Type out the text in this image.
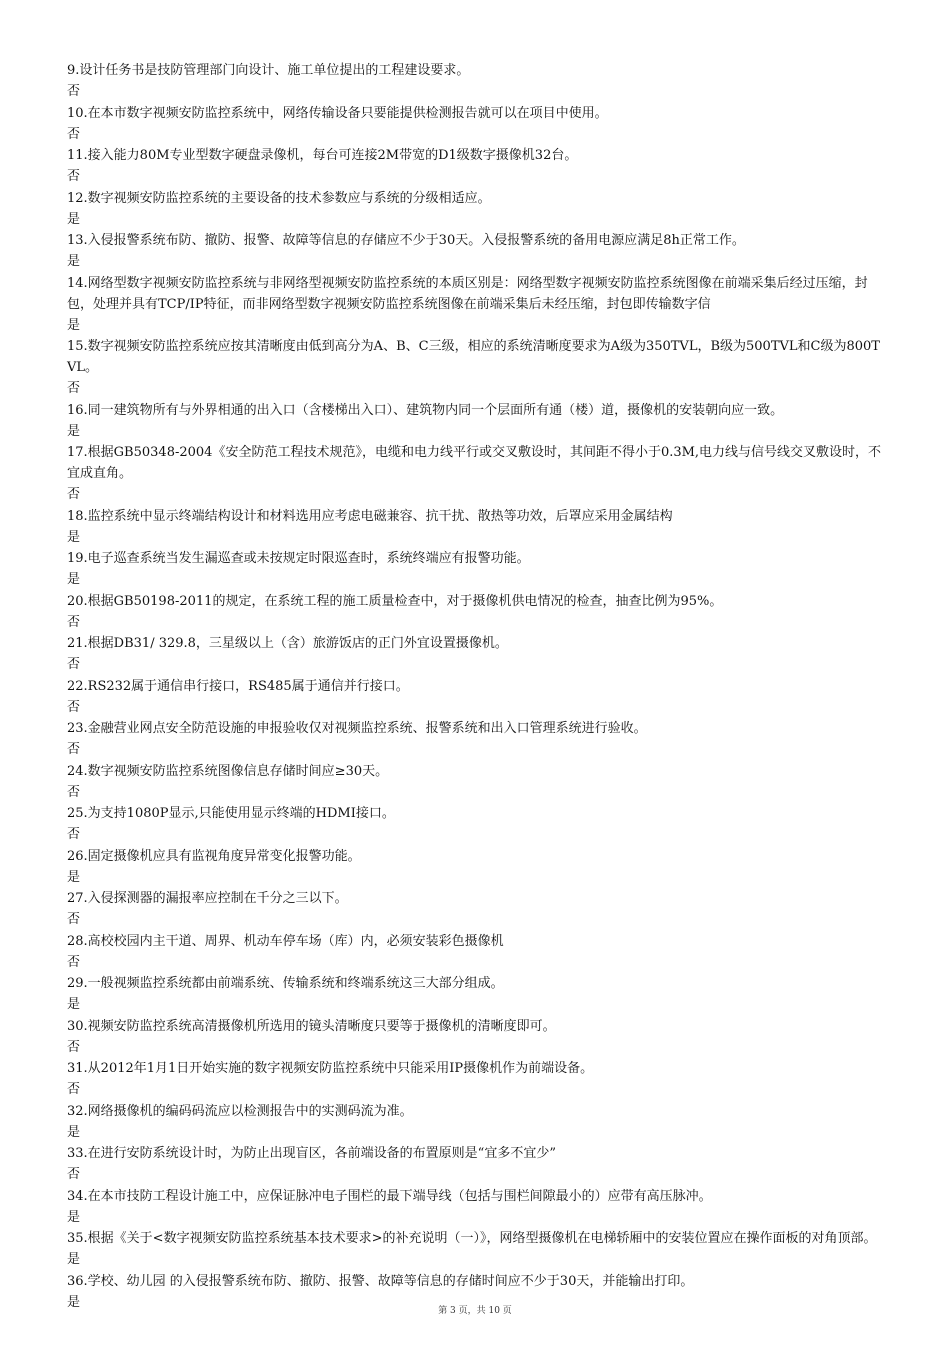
9.设计任务书是技防管理部门向设计、施工单位提出的工程建设要求。

否

10.在本市数字视频安防监控系统中，网络传输设备只要能提供检测报告就可以在项目中使用。

否

11.接入能力80M专业型数字硬盘录像机，每台可连接2M带宽的D1级数字摄像机32台。

否

12.数字视频安防监控系统的主要设备的技术参数应与系统的分级相适应。

是

13.入侵报警系统布防、撤防、报警、故障等信息的存储应不少于30天。入侵报警系统的备用电源应满足8h正常工作。

是

14.网络型数字视频安防监控系统与非网络型视频安防监控系统的本质区别是：网络型数字视频安防监控系统图像在前端采集后经过压缩，封包，处理并具有TCP/IP特征，而非网络型数字视频安防监控系统图像在前端采集后未经压缩，封包即传输数字信

是

15.数字视频安防监控系统应按其清晰度由低到高分为A、B、C三级，相应的系统清晰度要求为A级为350TVL，B级为500TVL和C级为800TVL。

否

16.同一建筑物所有与外界相通的出入口（含楼梯出入口）、建筑物内同一个层面所有通（楼）道，摄像机的安装朝向应一致。

是

17.根据GB50348-2004《安全防范工程技术规范》，电缆和电力线平行或交叉敷设时，其间距不得小于0.3M,电力线与信号线交叉敷设时，不宜成直角。

否

18.监控系统中显示终端结构设计和材料选用应考虑电磁兼容、抗干扰、散热等功效，后罩应采用金属结构

是

19.电子巡查系统当发生漏巡查或未按规定时限巡查时，系统终端应有报警功能。

是

20.根据GB50198-2011的规定，在系统工程的施工质量检查中，对于摄像机供电情况的检查，抽查比例为95%。

否

21.根据DB31/ 329.8，三星级以上（含）旅游饭店的正门外宜设置摄像机。

否

22.RS232属于通信串行接口，RS485属于通信并行接口。

否

23.金融营业网点安全防范设施的申报验收仅对视频监控系统、报警系统和出入口管理系统进行验收。

否

24.数字视频安防监控系统图像信息存储时间应≥30天。

否

25.为支持1080P显示,只能使用显示终端的HDMI接口。

否

26.固定摄像机应具有监视角度异常变化报警功能。

是

27.入侵探测器的漏报率应控制在千分之三以下。

否

28.高校校园内主干道、周界、机动车停车场（库）内，必须安装彩色摄像机

否

29.一般视频监控系统都由前端系统、传输系统和终端系统这三大部分组成。

是

30.视频安防监控系统高清摄像机所选用的镜头清晰度只要等于摄像机的清晰度即可。

否

31.从2012年1月1日开始实施的数字视频安防监控系统中只能采用IP摄像机作为前端设备。

否

32.网络摄像机的编码码流应以检测报告中的实测码流为准。

是

33.在进行安防系统设计时，为防止出现盲区，各前端设备的布置原则是“宜多不宜少”

否

34.在本市技防工程设计施工中，应保证脉冲电子围栏的最下端导线（包括与围栏间隙最小的）应带有高压脉冲。

是

35.根据《关于<数字视频安防监控系统基本技术要求>的补充说明（一）》，网络型摄像机在电梯轿厢中的安装位置应在操作面板的对角顶部。

是

36.学校、幼儿园 的入侵报警系统布防、撤防、报警、故障等信息的存储时间应不少于30天，并能输出打印。

是

第 3 页，共 10 页
